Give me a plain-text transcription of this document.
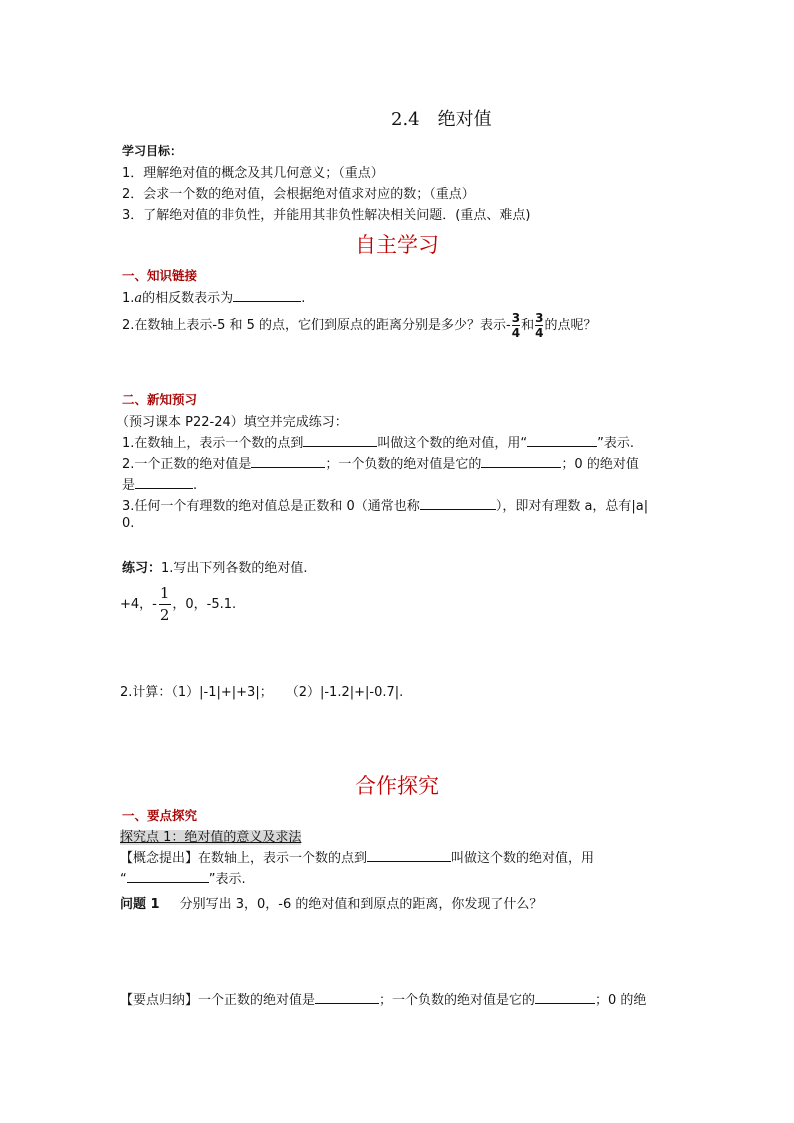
2.4　绝对值
学习目标：
1．理解绝对值的概念及其几何意义；（重点）
2．会求一个数的绝对值，会根据绝对值求对应的数；（重点）
3．了解绝对值的非负性，并能用其非负性解决相关问题．(重点、难点)
自主学习
一、知识链接
1.a的相反数表示为	.
2.在数轴上表示-5 和 5 的点，它们到原点的距离分别是多少？表示- $\frac{3}{4}$ 和 $\frac{3}{4}$ 的点呢？
二、新知预习
（预习课本 P22-24）填空并完成练习：
1.在数轴上，表示一个数的点到	叫做这个数的绝对值，用“	”表示.
2.一个正数的绝对值是	；一个负数的绝对值是它的	；0 的绝对值
是	.
3.任何一个有理数的绝对值总是正数和 0（通常也称	），即对有理数 a，总有|a|
0.
练习：1.写出下列各数的绝对值.
+4，- $\frac{1}{2}$ ，0，-5.1.
2.计算：（1）|-1|+|+3|；　　（2）|-1.2|+|-0.7|.
合作探究
一、要点探究
探究点 1：绝对值的意义及求法
【概念提出】在数轴上，表示一个数的点到	叫做这个数的绝对值，用
“	”表示.
问题 1 分别写出 3，0，-6 的绝对值和到原点的距离，你发现了什么？
【要点归纳】一个正数的绝对值是	；一个负数的绝对值是它的	；0 的绝
